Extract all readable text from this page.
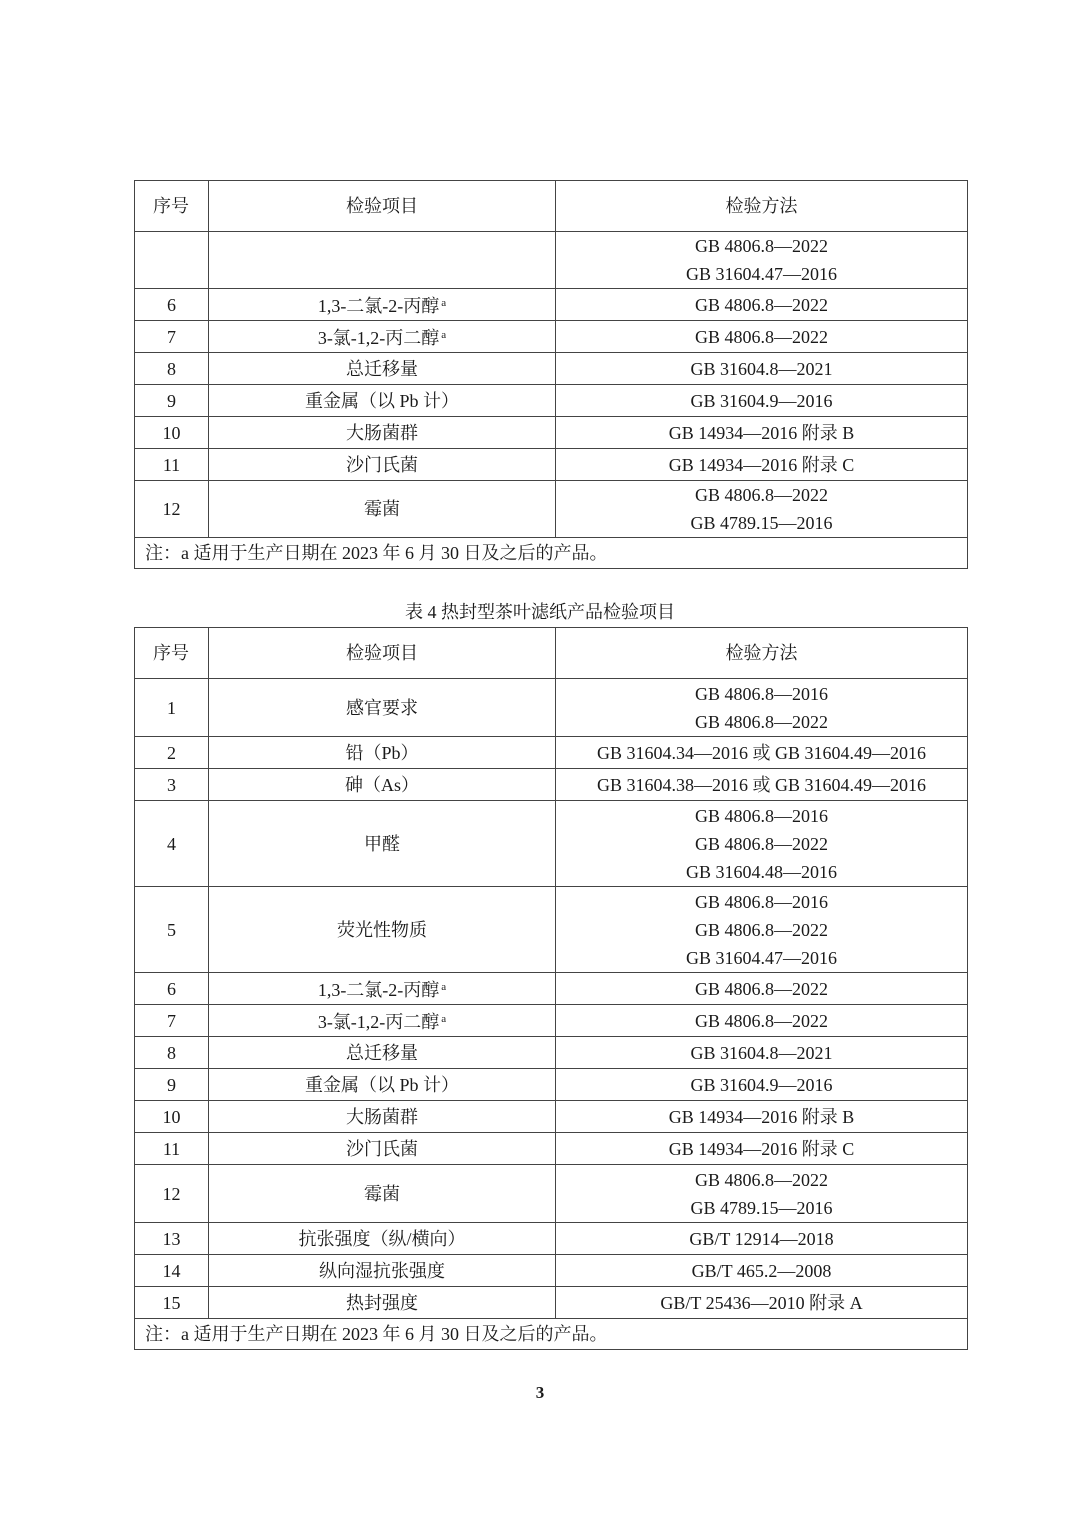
序号	检验项目	检验方法

		GB 4806.8—2022
GB 31604.47—2016

6	1,3-二氯-2-丙醇 $^a$	GB 4806.8—2022

7	3-氯-1,2-丙二醇 $^a$	GB 4806.8—2022

8	总迁移量	GB 31604.8—2021

9	重金属（以 Pb 计）	GB 31604.9—2016

10	大肠菌群	GB 14934—2016 附录 B

11	沙门氏菌	GB 14934—2016 附录 C

12	霉菌	GB 4806.8—2022
GB 4789.15—2016

注：a 适用于生产日期在 2023 年 6 月 30 日及之后的产品。		
表 4 热封型茶叶滤纸产品检验项目
序号	检验项目	检验方法
1	感官要求	GB 4806.8—2016
GB 4806.8—2022

2	铅（Pb）	GB 31604.34—2016 或 GB 31604.49—2016

3	砷（As）	GB 31604.38—2016 或 GB 31604.49—2016

4	甲醛	GB 4806.8—2016
GB 4806.8—2022
GB 31604.48—2016

5	荧光性物质	GB 4806.8—2016
GB 4806.8—2022
GB 31604.47—2016

6	1,3-二氯-2-丙醇 $^a$	GB 4806.8—2022

7	3-氯-1,2-丙二醇 $^a$	GB 4806.8—2022

8	总迁移量	GB 31604.8—2021

9	重金属（以 Pb 计）	GB 31604.9—2016

10	大肠菌群	GB 14934—2016 附录 B

11	沙门氏菌	GB 14934—2016 附录 C

12	霉菌	GB 4806.8—2022
GB 4789.15—2016

13	抗张强度（纵/横向）	GB/T 12914—2018

14	纵向湿抗张强度	GB/T 465.2—2008

15	热封强度	GB/T 25436—2010 附录 A

注：a 适用于生产日期在 2023 年 6 月 30 日及之后的产品。		
3
